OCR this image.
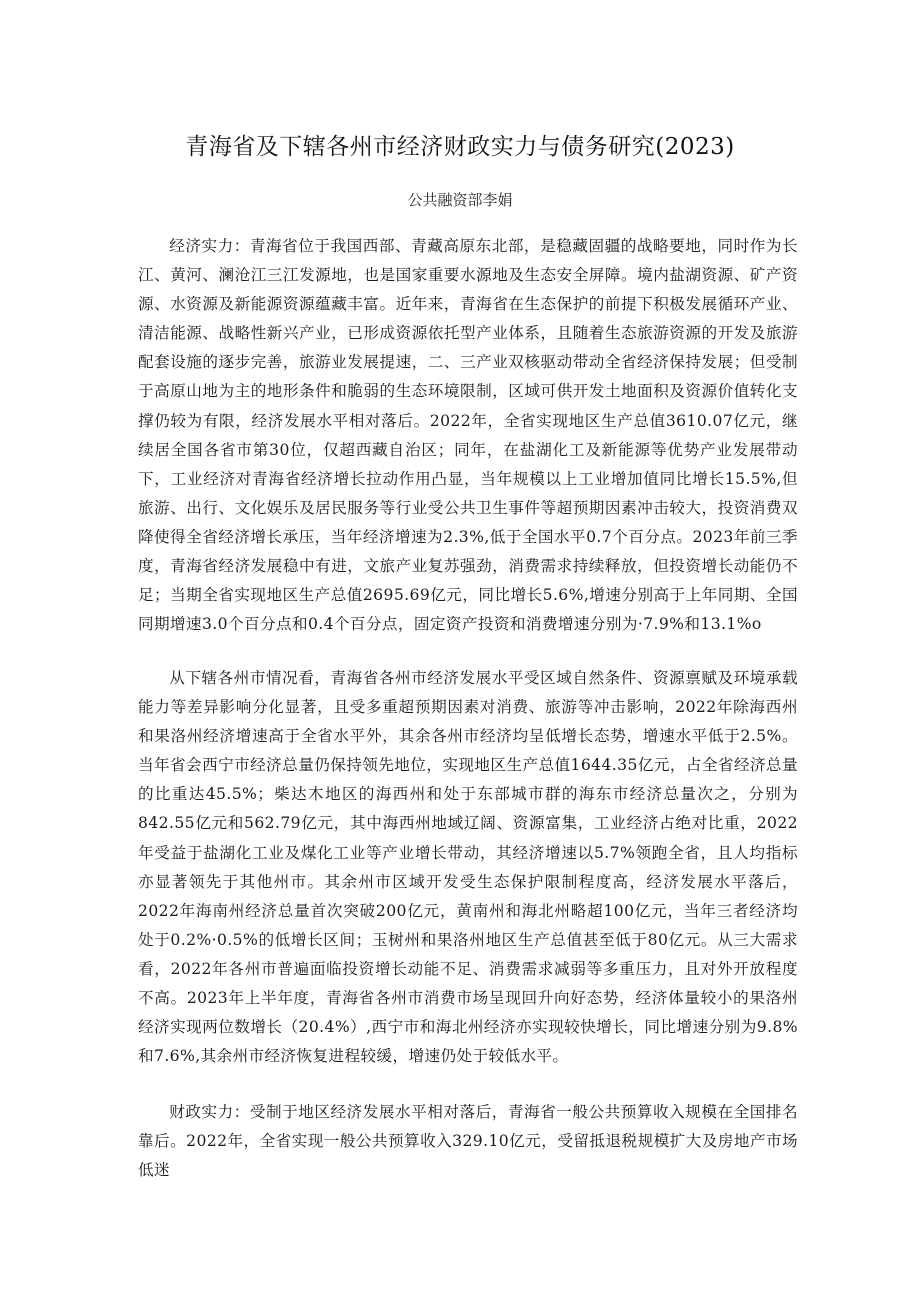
青海省及下辖各州市经济财政实力与债务研究(2023)
公共融资部李娟

经济实力：青海省位于我国西部、青藏高原东北部，是稳藏固疆的战略要地，同时作为长江、黄河、澜沧江三江发源地，也是国家重要水源地及生态安全屏障。境内盐湖资源、矿产资源、水资源及新能源资源蕴藏丰富。近年来，青海省在生态保护的前提下积极发展循环产业、清洁能源、战略性新兴产业，已形成资源依托型产业体系，且随着生态旅游资源的开发及旅游配套设施的逐步完善，旅游业发展提速，二、三产业双核驱动带动全省经济保持发展；但受制于高原山地为主的地形条件和脆弱的生态环境限制，区域可供开发土地面积及资源价值转化支撑仍较为有限，经济发展水平相对落后。2022年，全省实现地区生产总值3610.07亿元，继续居全国各省市第30位，仅超西藏自治区；同年，在盐湖化工及新能源等优势产业发展带动下，工业经济对青海省经济增长拉动作用凸显，当年规模以上工业增加值同比增长15.5%,但旅游、出行、文化娱乐及居民服务等行业受公共卫生事件等超预期因素冲击较大，投资消费双降使得全省经济增长承压，当年经济增速为2.3%,低于全国水平0.7个百分点。2023年前三季度，青海省经济发展稳中有进，文旅产业复苏强劲，消费需求持续释放，但投资增长动能仍不足；当期全省实现地区生产总值2695.69亿元，同比增长5.6%,增速分别高于上年同期、全国同期增速3.0个百分点和0.4个百分点，固定资产投资和消费增速分别为·7.9%和13.1%o

从下辖各州市情况看，青海省各州市经济发展水平受区域自然条件、资源禀赋及环境承载能力等差异影响分化显著，且受多重超预期因素对消费、旅游等冲击影响，2022年除海西州和果洛州经济增速高于全省水平外，其余各州市经济均呈低增长态势，增速水平低于2.5%。当年省会西宁市经济总量仍保持领先地位，实现地区生产总值1644.35亿元，占全省经济总量的比重达45.5%；柴达木地区的海西州和处于东部城市群的海东市经济总量次之，分别为842.55亿元和562.79亿元，其中海西州地域辽阔、资源富集，工业经济占绝对比重，2022年受益于盐湖化工业及煤化工业等产业增长带动，其经济增速以5.7%领跑全省，且人均指标亦显著领先于其他州市。其余州市区域开发受生态保护限制程度高，经济发展水平落后，2022年海南州经济总量首次突破200亿元，黄南州和海北州略超100亿元，当年三者经济均处于0.2%·0.5%的低增长区间；玉树州和果洛州地区生产总值甚至低于80亿元。从三大需求看，2022年各州市普遍面临投资增长动能不足、消费需求减弱等多重压力，且对外开放程度不高。2023年上半年度，青海省各州市消费市场呈现回升向好态势，经济体量较小的果洛州经济实现两位数增长（20.4%）,西宁市和海北州经济亦实现较快增长，同比增速分别为9.8%和7.6%,其余州市经济恢复进程较缓，增速仍处于较低水平。

财政实力：受制于地区经济发展水平相对落后，青海省一般公共预算收入规模在全国排名靠后。2022年，全省实现一般公共预算收入329.10亿元，受留抵退税规模扩大及房地产市场低迷
